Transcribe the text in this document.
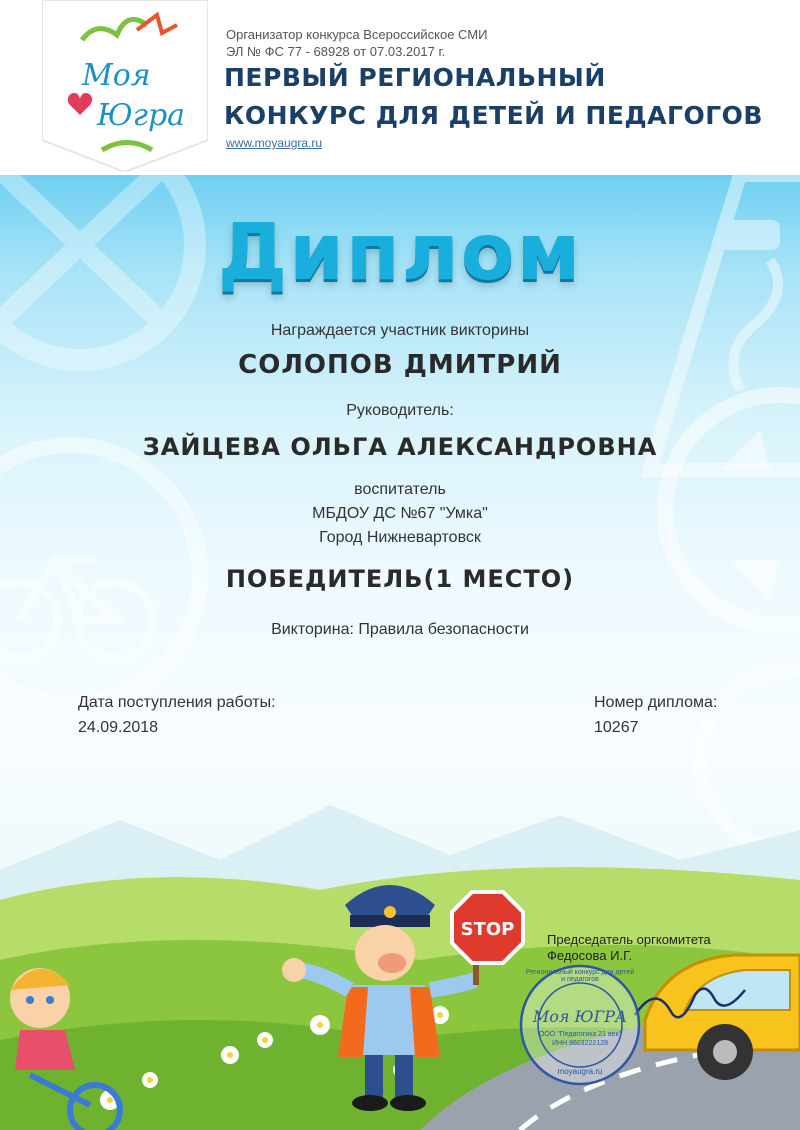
Моя
Югра
Организатор конкурса Всероссийское СМИ
ЭЛ № ФС 77 - 68928 от 07.03.2017 г.
ПЕРВЫЙ РЕГИОНАЛЬНЫЙ
КОНКУРС ДЛЯ ДЕТЕЙ И ПЕДАГОГОВ
www.moyaugra.ru
Диплом
Награждается участник викторины
СОЛОПОВ ДМИТРИЙ
Руководитель:
ЗАЙЦЕВА ОЛЬГА АЛЕКСАНДРОВНА
воспитатель
МБДОУ ДС №67 "Умка"
Город Нижневартовск
ПОБЕДИТЕЛЬ(1 МЕСТО)
Викторина: Правила безопасности
Дата поступления работы:
24.09.2018
Номер диплома:
10267
STOP	Председатель оргкомитета
Федосова И.Г.
Региональный конкурс для детей и педагогов
Моя ЮГРА
ООО "Педагогика 21 век"
ИНН 8603222128
moyaugra.ru
